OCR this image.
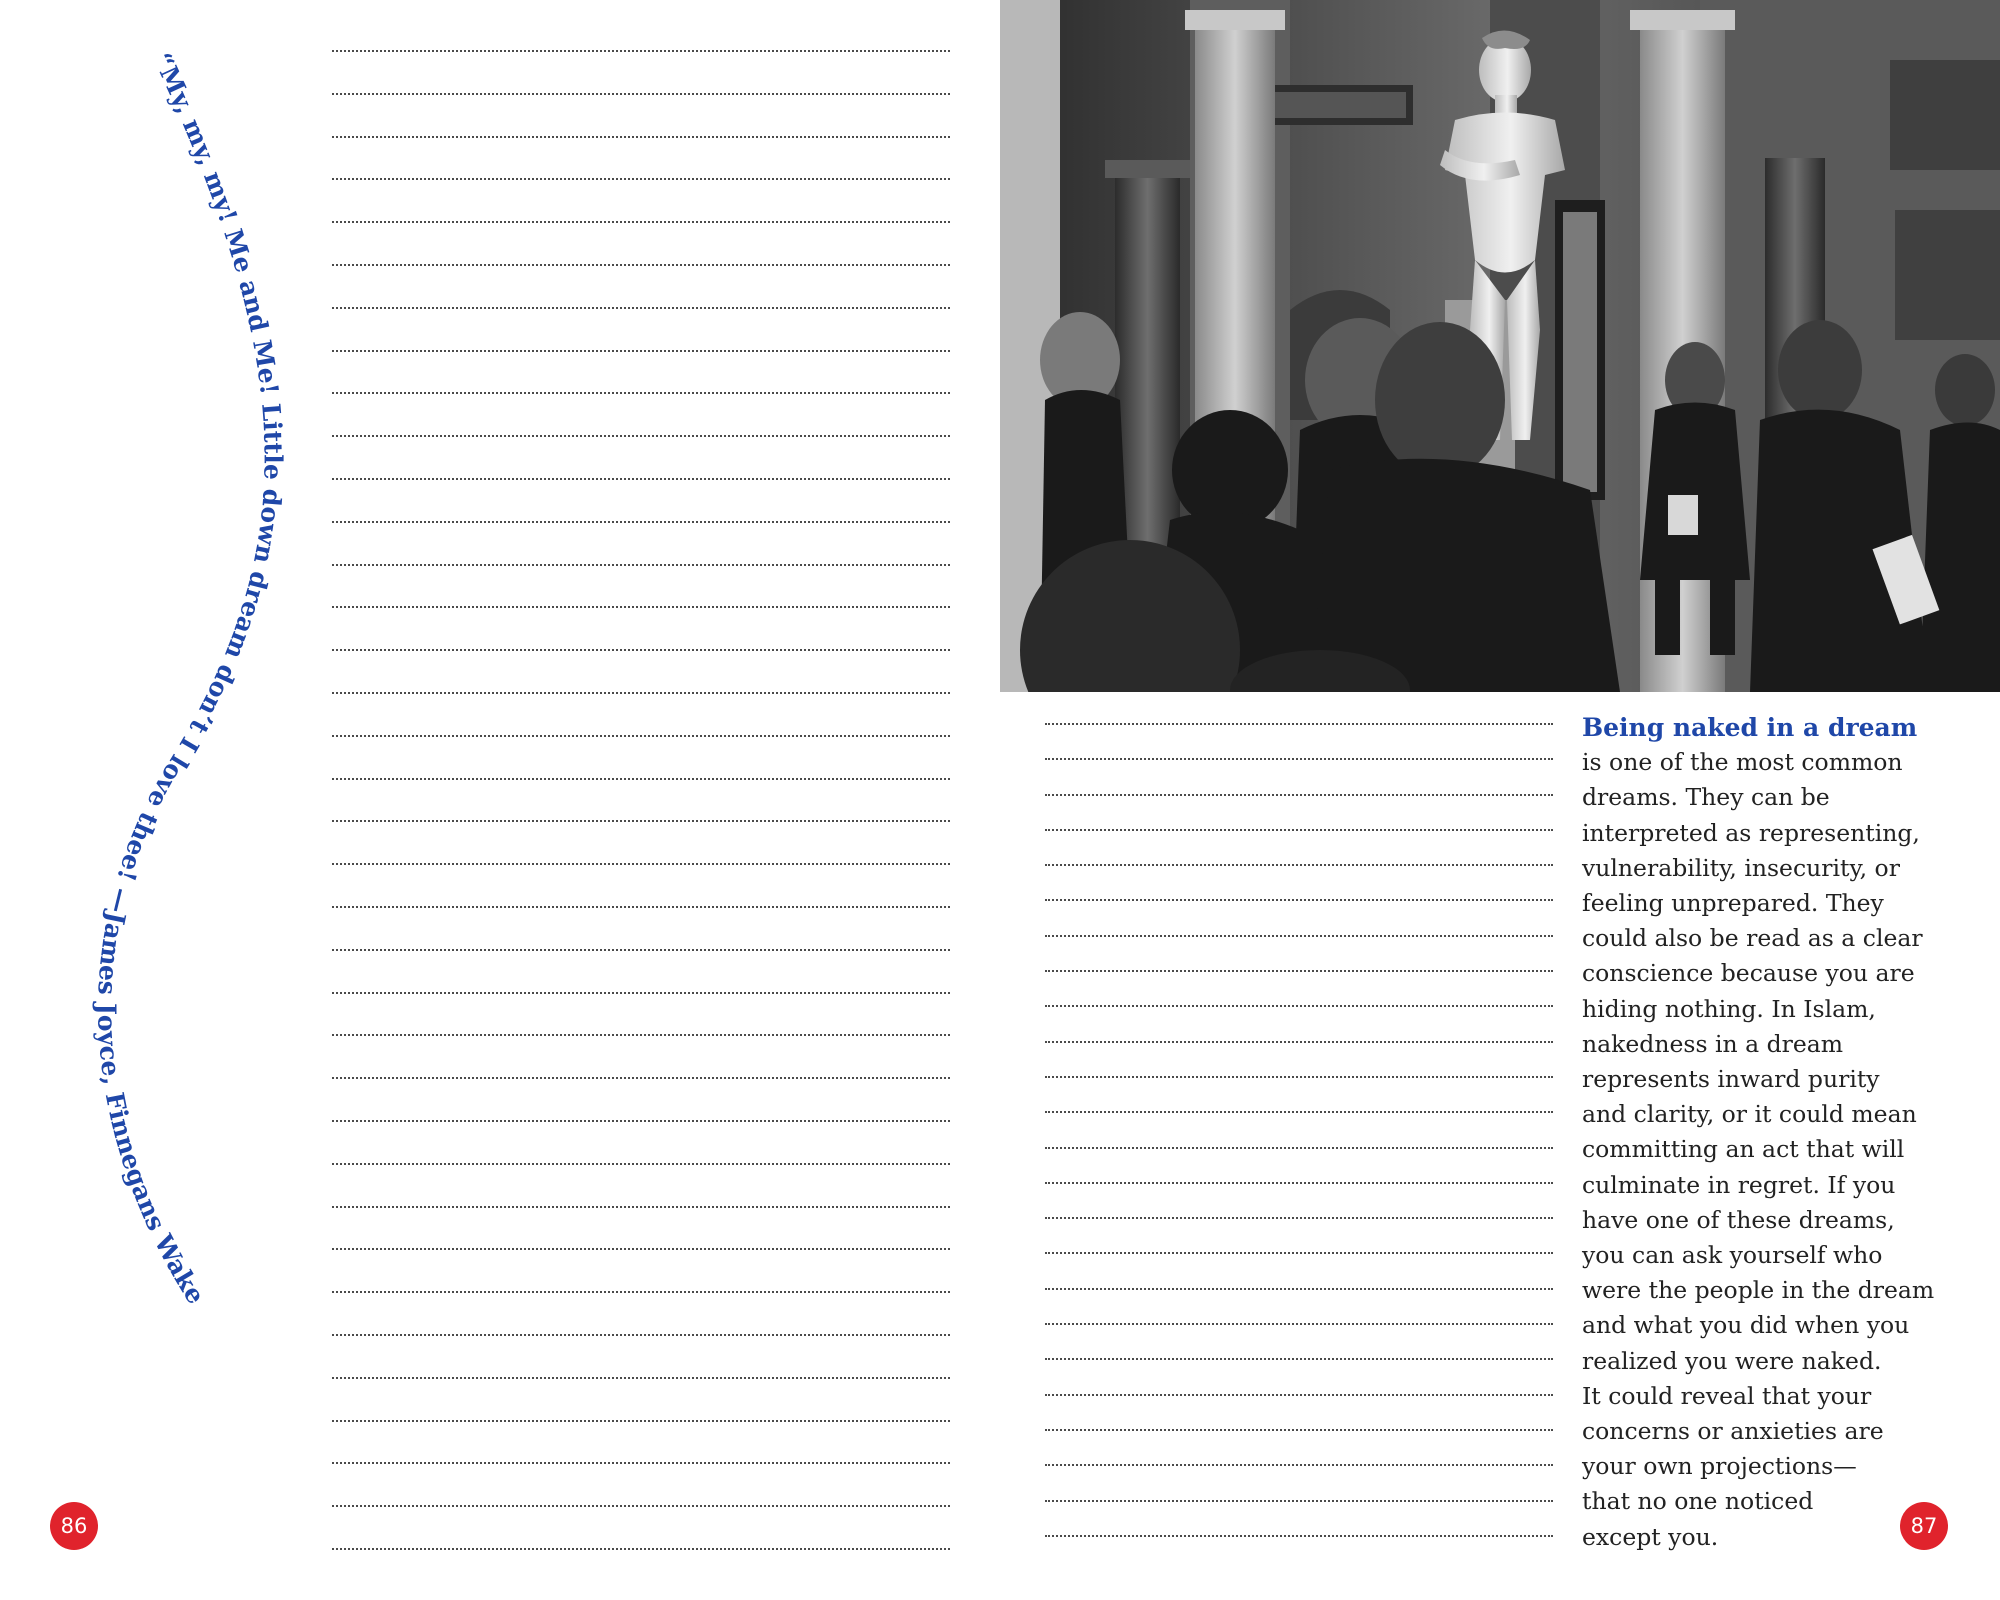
“My, my, my! Me and Me! Little down dream don’t I love thee! —James Joyce, Finnegans Wake
86
Being naked in a dream
is one of the most common
dreams. They can be
interpreted as representing,
vulnerability, insecurity, or
feeling unprepared. They
could also be read as a clear
conscience because you are
hiding nothing. In Islam,
nakedness in a dream
represents inward purity
and clarity, or it could mean
committing an act that will
culminate in regret. If you
have one of these dreams,
you can ask yourself who
were the people in the dream
and what you did when you
realized you were naked.
It could reveal that your
concerns or anxieties are
your own projections—
that no one noticed
except you.	87
